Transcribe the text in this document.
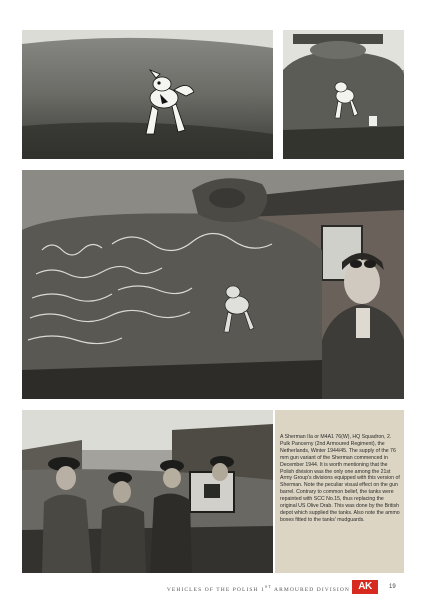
A Sherman IIa or M4A1 76(W), HQ Squadron, 2. Pulk Pancerny (2nd Armoured Regiment), the Netherlands, Winter 1944/45. The supply of the 76 mm gun variant of the Sherman commenced in December 1944. It is worth mentioning that the Polish division was the only one among the 21st Army Group's divisions equipped with this version of Sherman. Note the peculiar visual effect on the gun barrel. Contrary to common belief, the tanks were repainted with SCC No.15, thus replacing the original US Olive Drab. This was done by the British depot which supplied the tanks. Also note the ammo boxes fitted to the tanks' mudguards.

VEHICLES OF THE POLISH 1ST ARMOURED DIVISION AK	19
